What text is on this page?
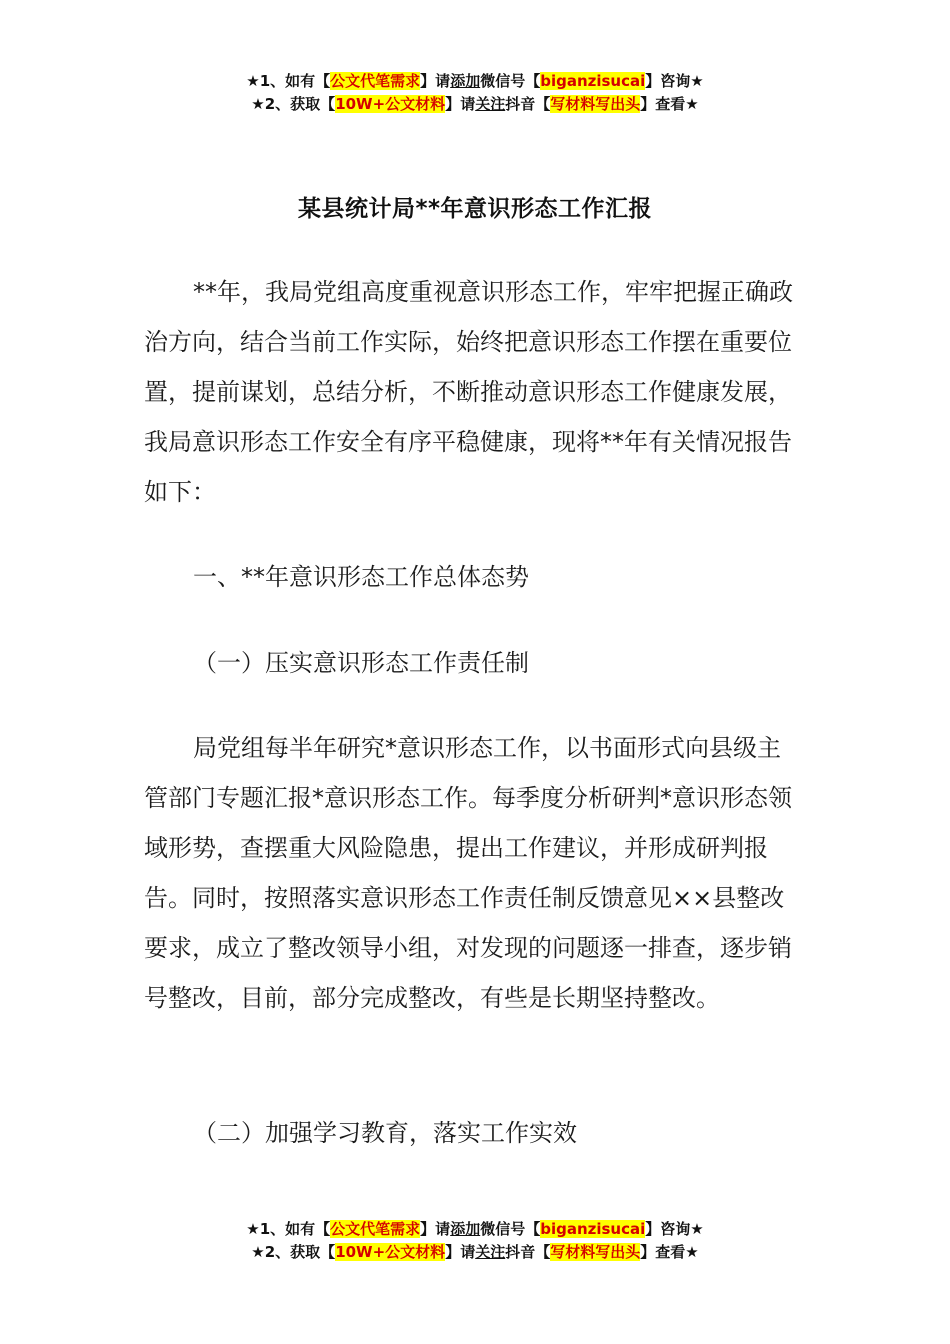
★1、如有【公文代笔需求】请添加微信号【biganzisucai】咨询★
★2、获取【10W+公文材料】请关注抖音【写材料写出头】查看★
某县统计局**年意识形态工作汇报
**年，我局党组高度重视意识形态工作，牢牢把握正确政治方向，结合当前工作实际，始终把意识形态工作摆在重要位置，提前谋划，总结分析，不断推动意识形态工作健康发展，我局意识形态工作安全有序平稳健康，现将**年有关情况报告如下：
一、**年意识形态工作总体态势
（一）压实意识形态工作责任制
局党组每半年研究*意识形态工作，以书面形式向县级主管部门专题汇报*意识形态工作。每季度分析研判*意识形态领域形势，查摆重大风险隐患，提出工作建议，并形成研判报告。同时，按照落实意识形态工作责任制反馈意见××县整改要求，成立了整改领导小组，对发现的问题逐一排查，逐步销号整改，目前，部分完成整改，有些是长期坚持整改。
（二）加强学习教育，落实工作实效
★1、如有【公文代笔需求】请添加微信号【biganzisucai】咨询★
★2、获取【10W+公文材料】请关注抖音【写材料写出头】查看★
